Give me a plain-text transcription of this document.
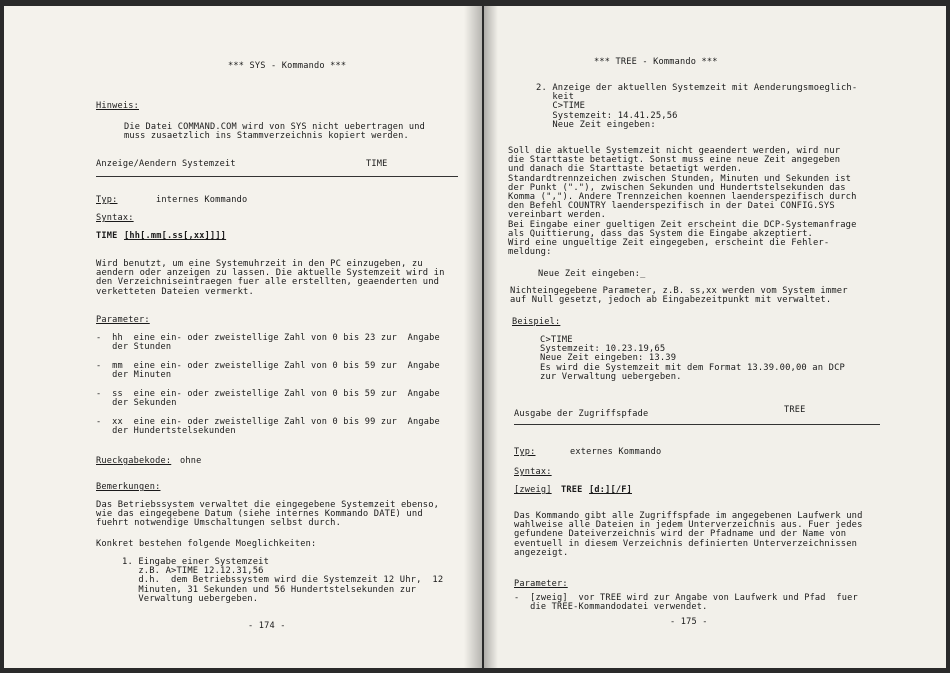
*** SYS - Kommando ***
Hinweis:
Die Datei COMMAND.COM wird von SYS nicht uebertragen und
muss zusaetzlich ins Stammverzeichnis kopiert werden.
Anzeige/Aendern Systemzeit	TIME
Typ:	internes Kommando
Syntax:
TIME [hh[.mm[.ss[,xx]]]]
Wird benutzt, um eine Systemuhrzeit in den PC einzugeben, zu
aendern oder anzeigen zu lassen. Die aktuelle Systemzeit wird in
den Verzeichniseintraegen fuer alle erstellten, geaenderten und
verketteten Dateien vermerkt.
Parameter:
-  hh  eine ein- oder zweistellige Zahl von 0 bis 23 zur  Angabe
der Stunden
-  mm  eine ein- oder zweistellige Zahl von 0 bis 59 zur  Angabe
der Minuten
-  ss  eine ein- oder zweistellige Zahl von 0 bis 59 zur  Angabe
der Sekunden
-  xx  eine ein- oder zweistellige Zahl von 0 bis 99 zur  Angabe
der Hundertstelsekunden
Rueckgabekode: ohne
Bemerkungen:
Das Betriebssystem verwaltet die eingegebene Systemzeit ebenso,
wie das eingegebene Datum (siehe internes Kommando DATE) und
fuehrt notwendige Umschaltungen selbst durch.
Konkret bestehen folgende Moeglichkeiten:
1. Eingabe einer Systemzeit
z.B. A>TIME 12.12.31,56
d.h.  dem Betriebssystem wird die Systemzeit 12 Uhr,  12
Minuten, 31 Sekunden und 56 Hundertstelsekunden zur
Verwaltung uebergeben.
- 174 -
*** TREE - Kommando ***
2. Anzeige der aktuellen Systemzeit mit Aenderungsmoeglich-
keit
C>TIME
Systemzeit: 14.41.25,56
Neue Zeit eingeben:
Soll die aktuelle Systemzeit nicht geaendert werden, wird nur
die Starttaste betaetigt. Sonst muss eine neue Zeit angegeben
und danach die Starttaste betaetigt werden.
Standardtrennzeichen zwischen Stunden, Minuten und Sekunden ist
der Punkt ("."), zwischen Sekunden und Hundertstelsekunden das
Komma (","). Andere Trennzeichen koennen laenderspezifisch durch
den Befehl COUNTRY laenderspezifisch in der Datei CONFIG.SYS
vereinbart werden.
Bei Eingabe einer gueltigen Zeit erscheint die DCP-Systemanfrage
als Quittierung, dass das System die Eingabe akzeptiert.
Wird eine ungueltige Zeit eingegeben, erscheint die Fehler-
meldung:
Neue Zeit eingeben:_
Nichteingegebene Parameter, z.B. ss,xx werden vom System immer
auf Null gesetzt, jedoch ab Eingabezeitpunkt mit verwaltet.
Beispiel:
C>TIME
Systemzeit: 10.23.19,65
Neue Zeit eingeben: 13.39
Es wird die Systemzeit mit dem Format 13.39.00,00 an DCP
zur Verwaltung uebergeben.
Ausgabe der Zugriffspfade	TREE
Typ:	externes Kommando
Syntax:
[zweig] TREE [d:][/F]
Das Kommando gibt alle Zugriffspfade im angegebenen Laufwerk und
wahlweise alle Dateien in jedem Unterverzeichnis aus. Fuer jedes
gefundene Dateiverzeichnis wird der Pfadname und der Name von
eventuell in diesem Verzeichnis definierten Unterverzeichnissen
angezeigt.
Parameter:
-  [zweig]  vor TREE wird zur Angabe von Laufwerk und Pfad  fuer
die TREE-Kommandodatei verwendet.
- 175 -
